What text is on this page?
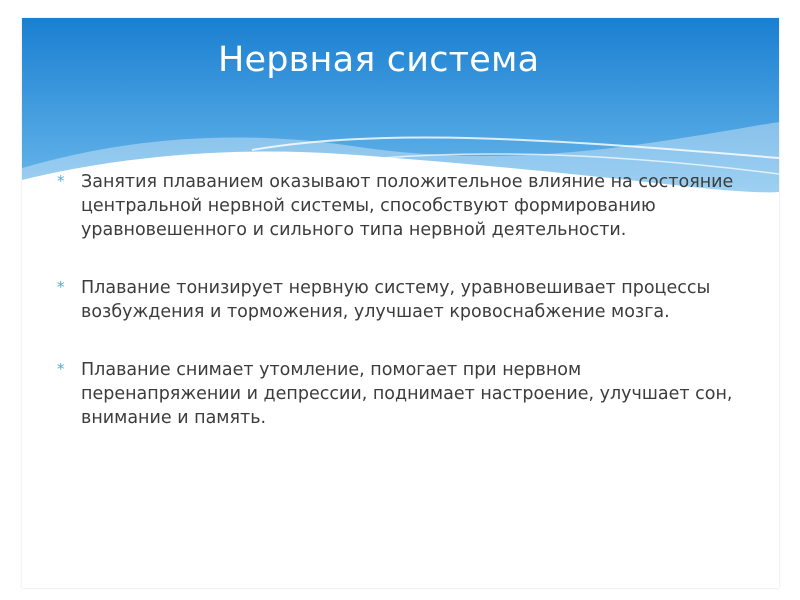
Нервная система
* Занятия плаванием оказывают положительное влияние на состояние центральной нервной системы, способствуют формированию уравновешенного и сильного типа нервной деятельности.
* Плавание тонизирует нервную систему, уравновешивает процессы возбуждения и торможения, улучшает кровоснабжение мозга.
* Плавание снимает утомление, помогает при нервном перенапряжении и депрессии, поднимает настроение, улучшает сон, внимание и память.
